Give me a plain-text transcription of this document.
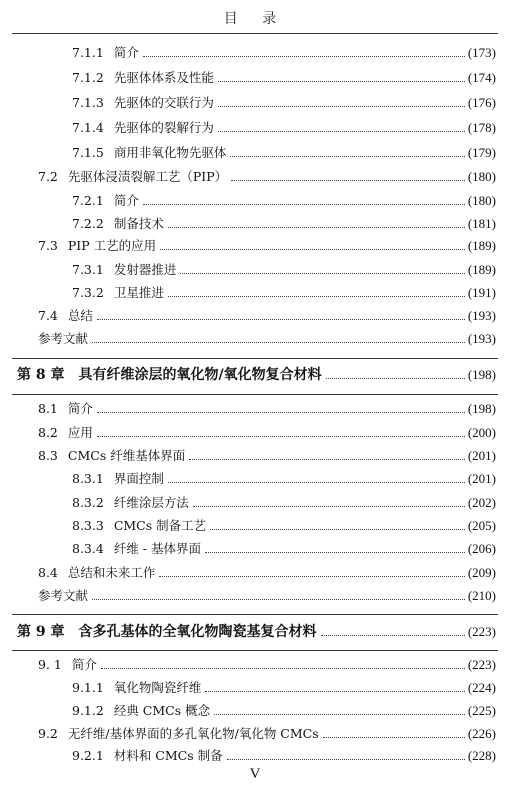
目 录
7.1.1 简介	(173)
7.1.2 先驱体体系及性能	(174)
7.1.3 先驱体的交联行为	(176)
7.1.4 先驱体的裂解行为	(178)
7.1.5 商用非氧化物先驱体	(179)
7.2 先驱体浸渍裂解工艺（PIP）	(180)
7.2.1 简介	(180)
7.2.2 制备技术	(181)
7.3 PIP 工艺的应用	(189)
7.3.1 发射器推进	(189)
7.3.2 卫星推进	(191)
7.4 总结	(193)
参考文献	(193)
第 8 章	具有纤维涂层的氧化物/氧化物复合材料	(198)
8.1 简介	(198)
8.2 应用	(200)
8.3 CMCs 纤维基体界面	(201)
8.3.1 界面控制	(201)
8.3.2 纤维涂层方法	(202)
8.3.3 CMCs 制备工艺	(205)
8.3.4 纤维 - 基体界面	(206)
8.4 总结和未来工作	(209)
参考文献	(210)
第 9 章	含多孔基体的全氧化物陶瓷基复合材料	(223)
9. 1 简介	(223)
9.1.1 氧化物陶瓷纤维	(224)
9.1.2 经典 CMCs 概念	(225)
9.2 无纤维/基体界面的多孔氧化物/氧化物 CMCs	(226)
9.2.1 材料和 CMCs 制备	(228)
V
